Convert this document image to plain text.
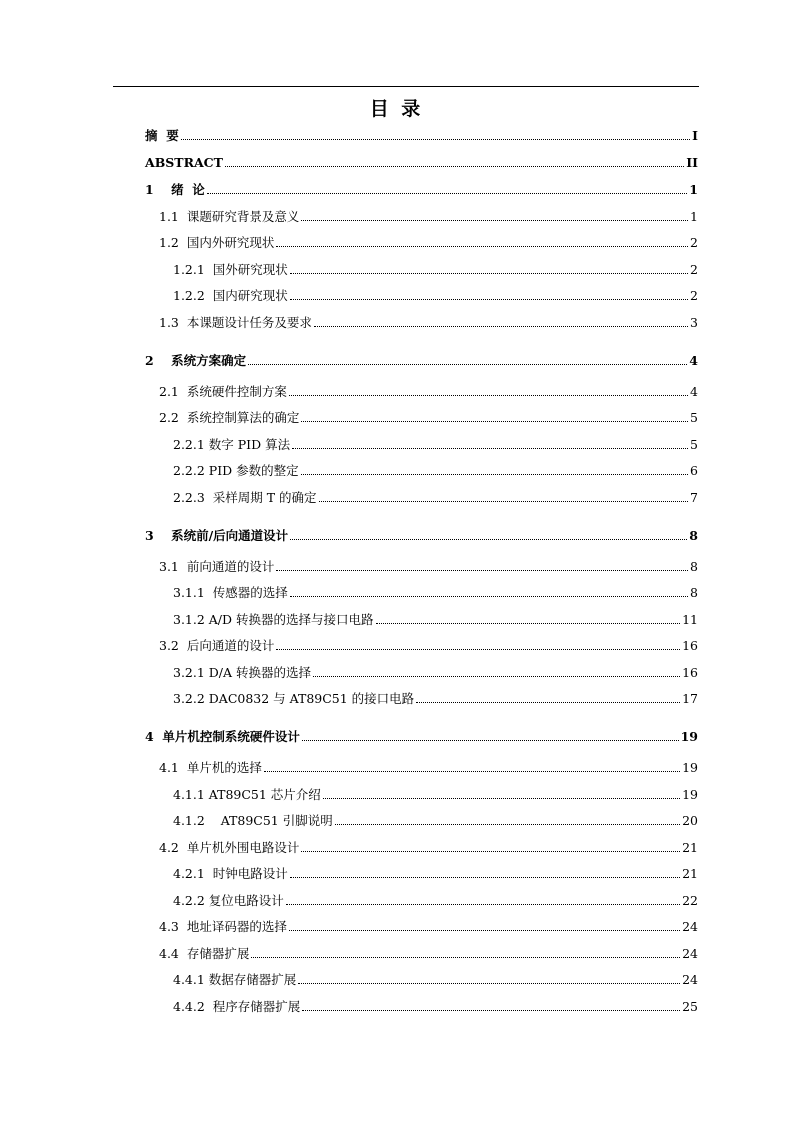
目 录
摘  要	I
ABSTRACT	II
1    绪  论	1
1.1  课题研究背景及意义	1
1.2  国内外研究现状	2
1.2.1  国外研究现状	2
1.2.2  国内研究现状	2
1.3  本课题设计任务及要求	3
2    系统方案确定	4
2.1  系统硬件控制方案	4
2.2  系统控制算法的确定	5
2.2.1 数字 PID 算法	5
2.2.2 PID 参数的整定	6
2.2.3  采样周期 T 的确定	7
3    系统前/后向通道设计	8
3.1  前向通道的设计	8
3.1.1  传感器的选择	8
3.1.2 A/D 转换器的选择与接口电路	11
3.2  后向通道的设计	16
3.2.1 D/A 转换器的选择	16
3.2.2 DAC0832 与 AT89C51 的接口电路	17
4  单片机控制系统硬件设计	19
4.1  单片机的选择	19
4.1.1 AT89C51 芯片介绍	19
4.1.2    AT89C51 引脚说明	20
4.2  单片机外围电路设计	21
4.2.1  时钟电路设计	21
4.2.2 复位电路设计	22
4.3  地址译码器的选择	24
4.4  存储器扩展	24
4.4.1 数据存储器扩展	24
4.4.2  程序存储器扩展	25
